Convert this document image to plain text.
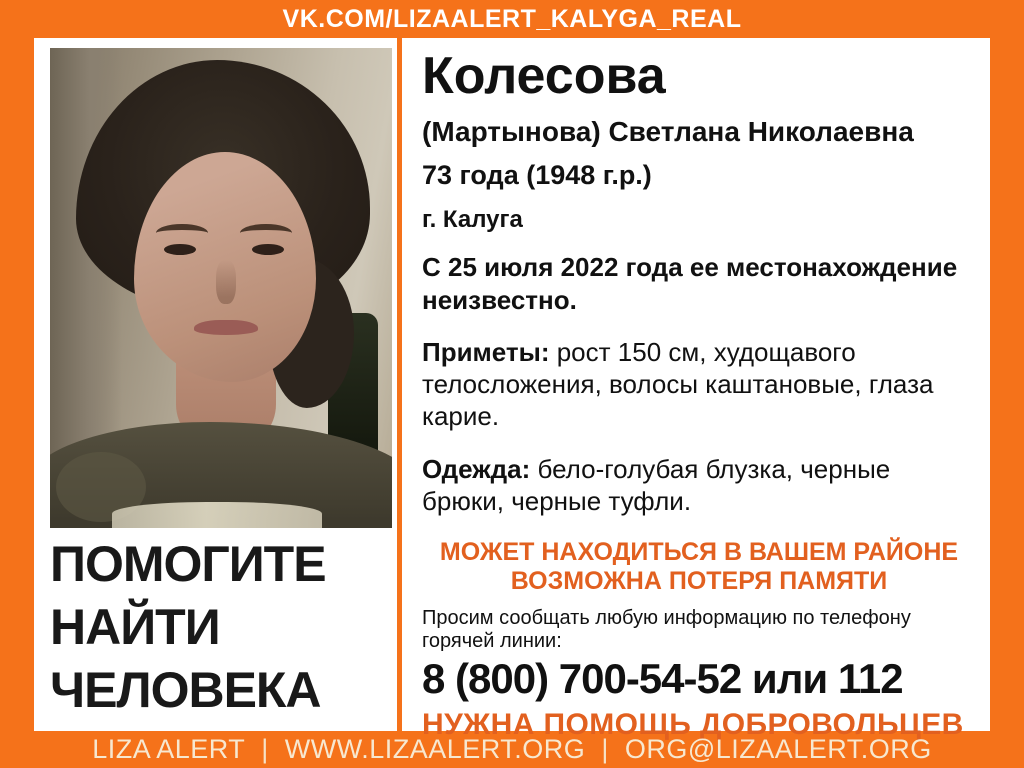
VK.COM/LIZAALERT_KALYGA_REAL
ПОМОГИТЕ
НАЙТИ
ЧЕЛОВЕКА
Колесова
(Мартынова) Светлана Николаевна
73 года (1948 г.р.)
г. Калуга
С 25 июля 2022 года ее местонахождение
неизвестно.
Приметы: рост 150 см, худощавого телосложения, волосы каштановые, глаза карие.
Одежда: бело-голубая блузка, черные брюки, черные туфли.
МОЖЕТ НАХОДИТЬСЯ В ВАШЕМ РАЙОНЕ
ВОЗМОЖНА ПОТЕРЯ ПАМЯТИ
Просим сообщать любую информацию по телефону горячей линии:
8 (800) 700-54-52 или 112
НУЖНА ПОМОЩЬ ДОБРОВОЛЬЦЕВ
LIZA ALERT | WWW.LIZAALERT.ORG | ORG@LIZAALERT.ORG
